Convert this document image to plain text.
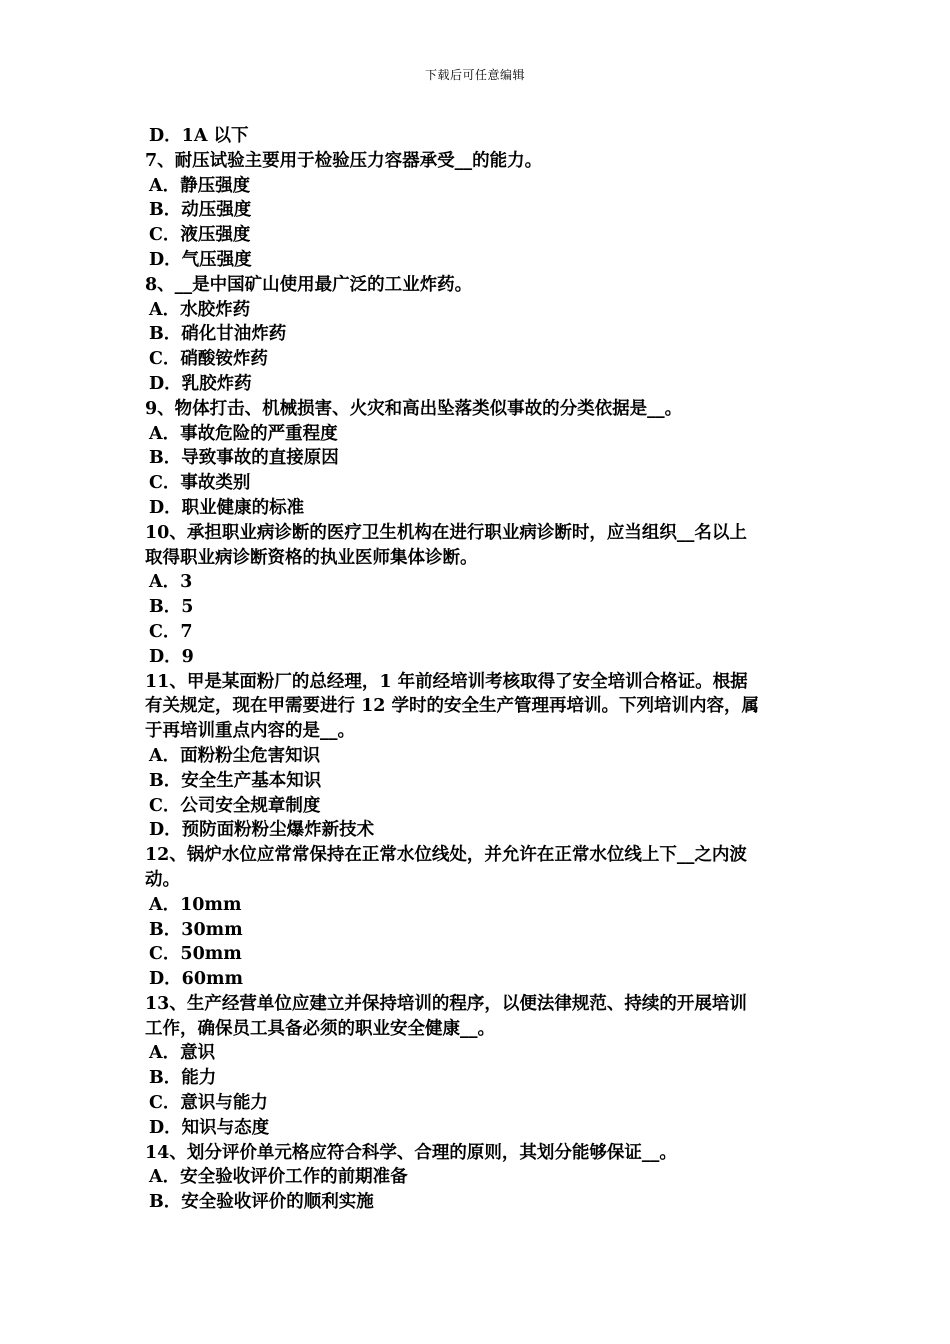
下载后可任意编辑
D．1A 以下
7、耐压试验主要用于检验压力容器承受__的能力。
A．静压强度
B．动压强度
C．液压强度
D．气压强度
8、__是中国矿山使用最广泛的工业炸药。
A．水胶炸药
B．硝化甘油炸药
C．硝酸铵炸药
D．乳胶炸药
9、物体打击、机械损害、火灾和高出坠落类似事故的分类依据是__。
A．事故危险的严重程度
B．导致事故的直接原因
C．事故类别
D．职业健康的标准
10、承担职业病诊断的医疗卫生机构在进行职业病诊断时，应当组织__名以上
取得职业病诊断资格的执业医师集体诊断。
A．3
B．5
C．7
D．9
11、甲是某面粉厂的总经理，1 年前经培训考核取得了安全培训合格证。根据
有关规定，现在甲需要进行 12 学时的安全生产管理再培训。下列培训内容，属
于再培训重点内容的是__。
A．面粉粉尘危害知识
B．安全生产基本知识
C．公司安全规章制度
D．预防面粉粉尘爆炸新技术
12、锅炉水位应常常保持在正常水位线处，并允许在正常水位线上下__之内波
动。
A．10mm
B．30mm
C．50mm
D．60mm
13、生产经营单位应建立并保持培训的程序，以便法律规范、持续的开展培训
工作，确保员工具备必须的职业安全健康__。
A．意识
B．能力
C．意识与能力
D．知识与态度
14、划分评价单元格应符合科学、合理的原则，其划分能够保证__。
A．安全验收评价工作的前期准备
B．安全验收评价的顺利实施
